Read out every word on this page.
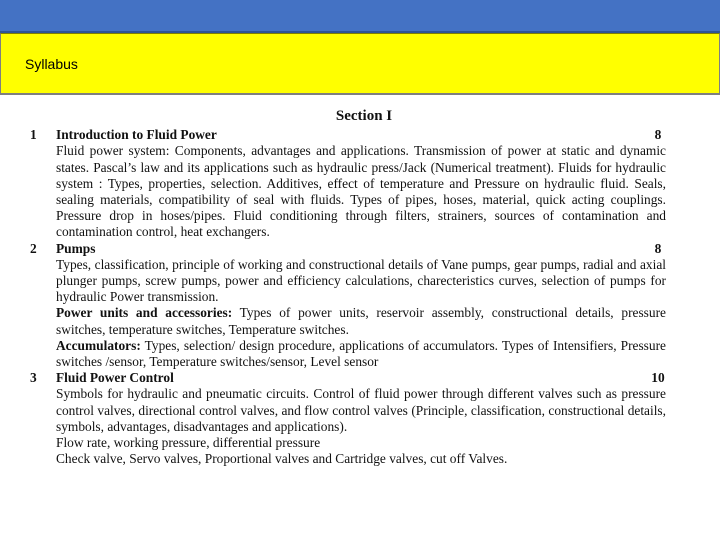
Syllabus
Section I
1	Introduction to Fluid Power	8
Fluid power system: Components, advantages and applications. Transmission of power at static and dynamic states. Pascal’s law and its applications such as hydraulic press/Jack (Numerical treatment). Fluids for hydraulic system : Types, properties, selection. Additives, effect of temperature and Pressure on hydraulic fluid. Seals, sealing materials, compatibility of seal with fluids. Types of pipes, hoses, material, quick acting couplings. Pressure drop in hoses/pipes. Fluid conditioning through filters, strainers, sources of contamination and contamination control, heat exchangers.
2	Pumps	8
Types, classification, principle of working and constructional details of Vane pumps, gear pumps, radial and axial plunger pumps, screw pumps, power and efficiency calculations, charecteristics curves, selection of pumps for hydraulic Power transmission.
Power units and accessories: Types of power units, reservoir assembly, constructional details, pressure switches, temperature switches, Temperature switches.
Accumulators: Types, selection/ design procedure, applications of accumulators. Types of Intensifiers, Pressure switches /sensor, Temperature switches/sensor, Level sensor
3	Fluid Power Control	10
Symbols for hydraulic and pneumatic circuits. Control of fluid power through different valves such as pressure control valves, directional control valves, and flow control valves (Principle, classification, constructional details, symbols, advantages, disadvantages and applications).
Flow rate, working pressure, differential pressure
Check valve, Servo valves, Proportional valves and Cartridge valves, cut off Valves.
